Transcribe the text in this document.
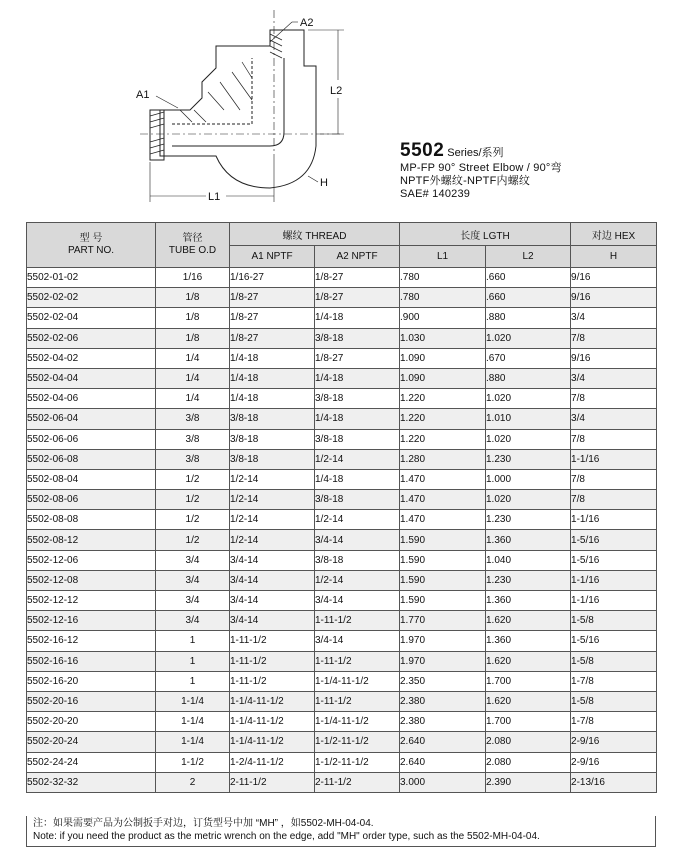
A2
A1
L1
L2
H
5502 Series/系列
MP-FP 90° Street Elbow / 90°弯
NPTF外螺纹-NPTF内螺纹
SAE# 140239
型 号
PART NO.	管径
TUBE O.D	螺纹 THREAD		长度 LGTH		对边 HEX
		A1 NPTF	A2 NPTF	L1	L2	H
5502-01-02	1/16	1/16-27	1/8-27	.780	.660	9/16
5502-02-02	1/8	1/8-27	1/8-27	.780	.660	9/16
5502-02-04	1/8	1/8-27	1/4-18	.900	.880	3/4
5502-02-06	1/8	1/8-27	3/8-18	1.030	1.020	7/8
5502-04-02	1/4	1/4-18	1/8-27	1.090	.670	9/16
5502-04-04	1/4	1/4-18	1/4-18	1.090	.880	3/4
5502-04-06	1/4	1/4-18	3/8-18	1.220	1.020	7/8
5502-06-04	3/8	3/8-18	1/4-18	1.220	1.010	3/4
5502-06-06	3/8	3/8-18	3/8-18	1.220	1.020	7/8
5502-06-08	3/8	3/8-18	1/2-14	1.280	1.230	1-1/16
5502-08-04	1/2	1/2-14	1/4-18	1.470	1.000	7/8
5502-08-06	1/2	1/2-14	3/8-18	1.470	1.020	7/8
5502-08-08	1/2	1/2-14	1/2-14	1.470	1.230	1-1/16
5502-08-12	1/2	1/2-14	3/4-14	1.590	1.360	1-5/16
5502-12-06	3/4	3/4-14	3/8-18	1.590	1.040	1-5/16
5502-12-08	3/4	3/4-14	1/2-14	1.590	1.230	1-1/16
5502-12-12	3/4	3/4-14	3/4-14	1.590	1.360	1-1/16
5502-12-16	3/4	3/4-14	1-11-1/2	1.770	1.620	1-5/8
5502-16-12	1	1-11-1/2	3/4-14	1.970	1.360	1-5/16
5502-16-16	1	1-11-1/2	1-11-1/2	1.970	1.620	1-5/8
5502-16-20	1	1-11-1/2	1-1/4-11-1/2	2.350	1.700	1-7/8
5502-20-16	1-1/4	1-1/4-11-1/2	1-11-1/2	2.380	1.620	1-5/8
5502-20-20	1-1/4	1-1/4-11-1/2	1-1/4-11-1/2	2.380	1.700	1-7/8
5502-20-24	1-1/4	1-1/4-11-1/2	1-1/2-11-1/2	2.640	2.080	2-9/16
5502-24-24	1-1/2	1-2/4-11-1/2	1-1/2-11-1/2	2.640	2.080	2-9/16
5502-32-32	2	2-11-1/2	2-11-1/2	3.000	2.390	2-13/16
注：如果需要产品为公制扳手对边，订货型号中加 “MH” ，如5502-MH-04-04.
Note: if you need the product as the metric wrench on the edge, add "MH" order type, such as the 5502-MH-04-04.
